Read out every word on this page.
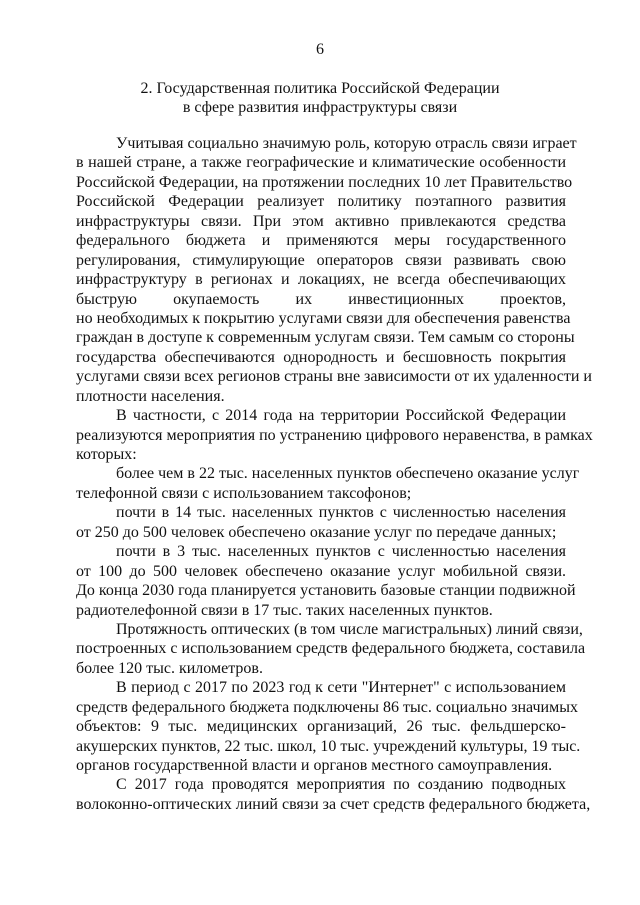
6
2. Государственная политика Российской Федерации
в сфере развития инфраструктуры связи
Учитывая социально значимую роль, которую отрасль связи играет
в нашей стране, а также географические и климатические особенности
Российской Федерации, на протяжении последних 10 лет Правительство
Российской Федерации реализует политику поэтапного развития
инфраструктуры связи. При этом активно привлекаются средства
федерального бюджета и применяются меры государственного
регулирования, стимулирующие операторов связи развивать свою
инфраструктуру в регионах и локациях, не всегда обеспечивающих
быструю окупаемость их инвестиционных проектов,
но необходимых к покрытию услугами связи для обеспечения равенства
граждан в доступе к современным услугам связи. Тем самым со стороны
государства обеспечиваются однородность и бесшовность покрытия
услугами связи всех регионов страны вне зависимости от их удаленности и
плотности населения.
В частности, с 2014 года на территории Российской Федерации
реализуются мероприятия по устранению цифрового неравенства, в рамках
которых:
более чем в 22 тыс. населенных пунктов обеспечено оказание услуг
телефонной связи с использованием таксофонов;
почти в 14 тыс. населенных пунктов с численностью населения
от 250 до 500 человек обеспечено оказание услуг по передаче данных;
почти в 3 тыс. населенных пунктов с численностью населения
от 100 до 500 человек обеспечено оказание услуг мобильной связи.
До конца 2030 года планируется установить базовые станции подвижной
радиотелефонной связи в 17 тыс. таких населенных пунктов.
Протяжность оптических (в том числе магистральных) линий связи,
построенных с использованием средств федерального бюджета, составила
более 120 тыс. километров.
В период с 2017 по 2023 год к сети "Интернет" с использованием
средств федерального бюджета подключены 86 тыс. социально значимых
объектов: 9 тыс. медицинских организаций, 26 тыс. фельдшерско-
акушерских пунктов, 22 тыс. школ, 10 тыс. учреждений культуры, 19 тыс.
органов государственной власти и органов местного самоуправления.
С 2017 года проводятся мероприятия по созданию подводных
волоконно-оптических линий связи за счет средств федерального бюджета,
